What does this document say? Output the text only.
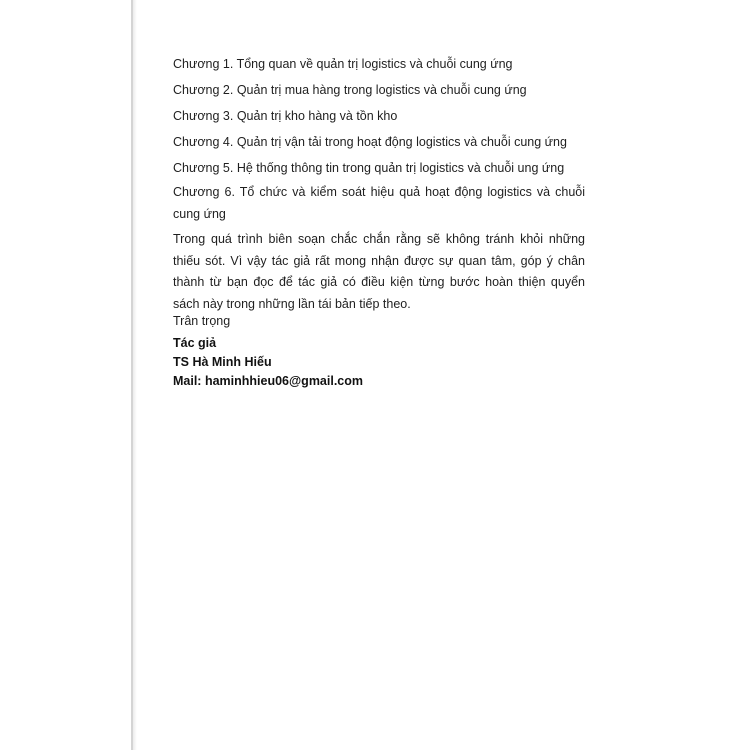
Chương 1. Tổng quan về quản trị logistics và chuỗi cung ứng
Chương 2. Quản trị mua hàng trong logistics và chuỗi cung ứng
Chương 3. Quản trị kho hàng và tồn kho
Chương 4. Quản trị vận tải trong hoạt động logistics và chuỗi cung ứng
Chương 5. Hệ thống thông tin trong quản trị logistics và chuỗi ung ứng
Chương 6. Tổ chức và kiểm soát hiệu quả hoạt động logistics và chuỗi cung ứng
Trong quá trình biên soạn chắc chắn rằng sẽ không tránh khỏi những thiếu sót. Vì vậy tác giả rất mong nhận được sự quan tâm, góp ý chân thành từ bạn đọc để tác giả có điều kiện từng bước hoàn thiện quyển sách này trong những lần tái bản tiếp theo.
Trân trọng
Tác giả
TS Hà Minh Hiếu
Mail: haminhhieu06@gmail.com
